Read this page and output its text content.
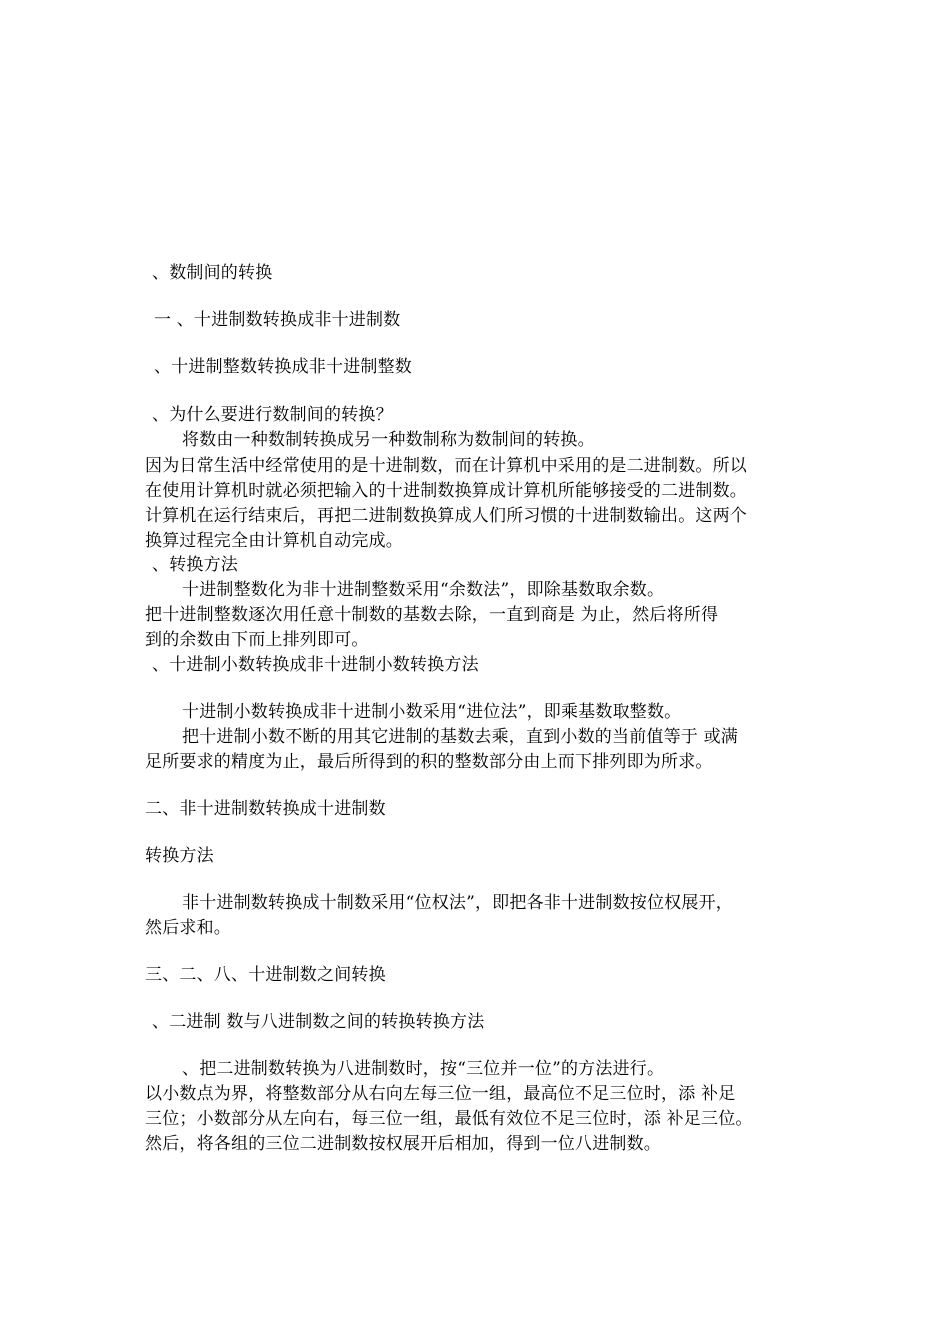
、数制间的转换
一 、十进制数转换成非十进制数
、十进制整数转换成非十进制整数
、为什么要进行数制间的转换？
将数由一种数制转换成另一种数制称为数制间的转换。
因为日常生活中经常使用的是十进制数，而在计算机中采用的是二进制数。所以
在使用计算机时就必须把输入的十进制数换算成计算机所能够接受的二进制数。
计算机在运行结束后，再把二进制数换算成人们所习惯的十进制数输出。这两个
换算过程完全由计算机自动完成。
、转换方法
十进制整数化为非十进制整数采用“余数法”，即除基数取余数。
把十进制整数逐次用任意十制数的基数去除，一直到商是 为止，然后将所得
到的余数由下而上排列即可。
、十进制小数转换成非十进制小数转换方法
十进制小数转换成非十进制小数采用“进位法”，即乘基数取整数。
把十进制小数不断的用其它进制的基数去乘，直到小数的当前值等于 或满
足所要求的精度为止，最后所得到的积的整数部分由上而下排列即为所求。
二、非十进制数转换成十进制数
转换方法
非十进制数转换成十制数采用“位权法”，即把各非十进制数按位权展开，
然后求和。
三、二、八、十进制数之间转换
、二进制 数与八进制数之间的转换转换方法
、把二进制数转换为八进制数时，按“三位并一位”的方法进行。
以小数点为界，将整数部分从右向左每三位一组，最高位不足三位时，添 补足
三位；小数部分从左向右，每三位一组，最低有效位不足三位时，添 补足三位。
然后，将各组的三位二进制数按权展开后相加，得到一位八进制数。
